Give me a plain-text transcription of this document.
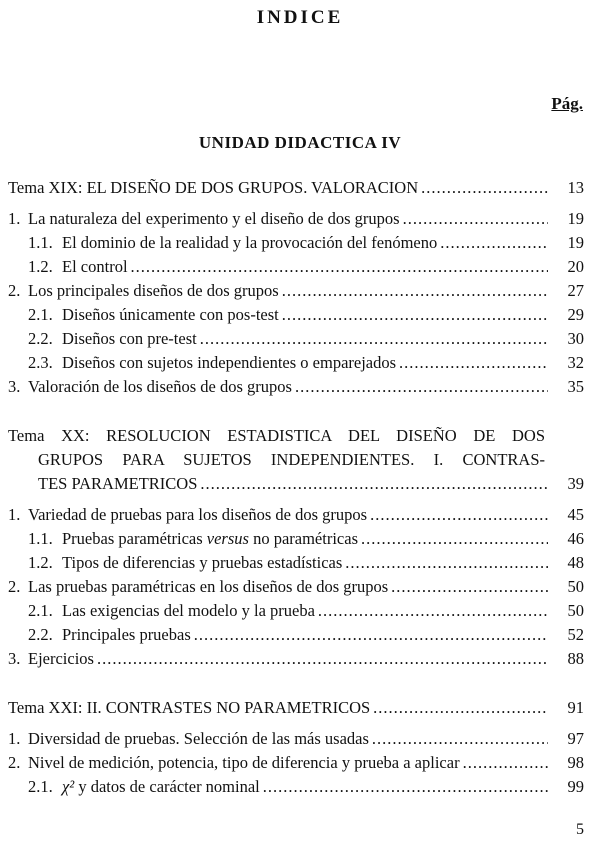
INDICE
Pág.
UNIDAD DIDACTICA IV
Tema XIX: EL DISEÑO DE DOS GRUPOS. VALORACION .....	13
1. La naturaleza del experimento y el diseño de dos grupos .....	19
1.1. El dominio de la realidad y la provocación del fenómeno .....	19
1.2. El control .....	20
2. Los principales diseños de dos grupos .....	27
2.1. Diseños únicamente con pos-test .....	29
2.2. Diseños con pre-test .....	30
2.3. Diseños con sujetos independientes o emparejados .....	32
3. Valoración de los diseños de dos grupos .....	35
Tema XX: RESOLUCION ESTADISTICA DEL DISEÑO DE DOS
GRUPOS PARA SUJETOS INDEPENDIENTES. I. CONTRAS-
TES PARAMETRICOS .....	39
1. Variedad de pruebas para los diseños de dos grupos .....	45
1.1. Pruebas paramétricas versus no paramétricas .....	46
1.2. Tipos de diferencias y pruebas estadísticas .....	48
2. Las pruebas paramétricas en los diseños de dos grupos .....	50
2.1. Las exigencias del modelo y la prueba .....	50
2.2. Principales pruebas .....	52
3. Ejercicios .....	88
Tema XXI: II. CONTRASTES NO PARAMETRICOS .....	91
1. Diversidad de pruebas. Selección de las más usadas .....	97
2. Nivel de medición, potencia, tipo de diferencia y prueba a aplicar .....	98
2.1. χ² y datos de carácter nominal .....	99
5
